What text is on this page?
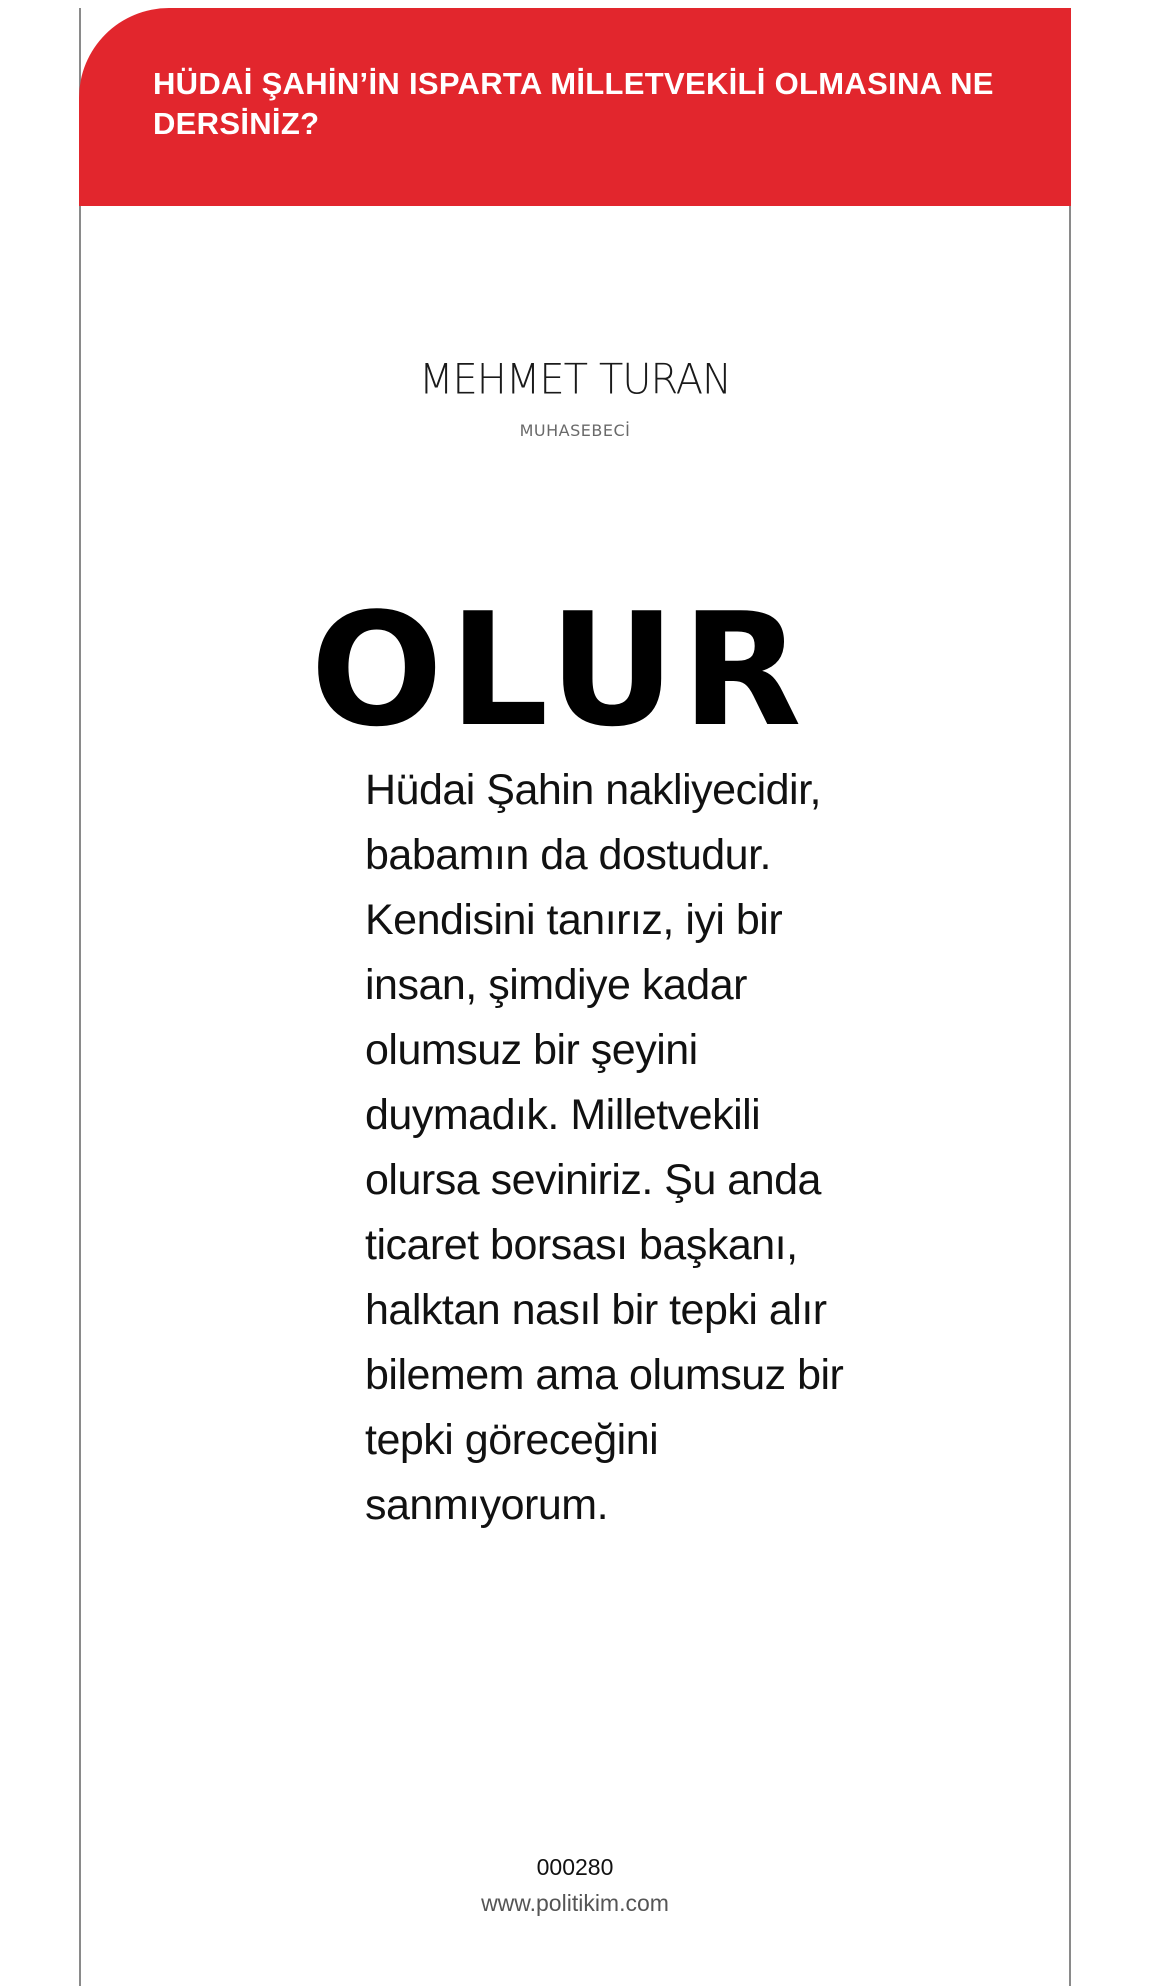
HÜDAİ ŞAHİN’İN ISPARTA MİLLETVEKİLİ OLMASINA NE DERSİNİZ?
MEHMET TURAN
MUHASEBECİ
OLUR

Hüdai Şahin nakliyecidir,
babamın da dostudur.
Kendisini tanırız, iyi bir
insan, şimdiye kadar
olumsuz bir şeyini
duymadık. Milletvekili
olursa seviniriz. Şu anda
ticaret borsası başkanı,
halktan nasıl bir tepki alır
bilemem ama olumsuz bir
tepki göreceğini
sanmıyorum.

000280
www.politikim.com
